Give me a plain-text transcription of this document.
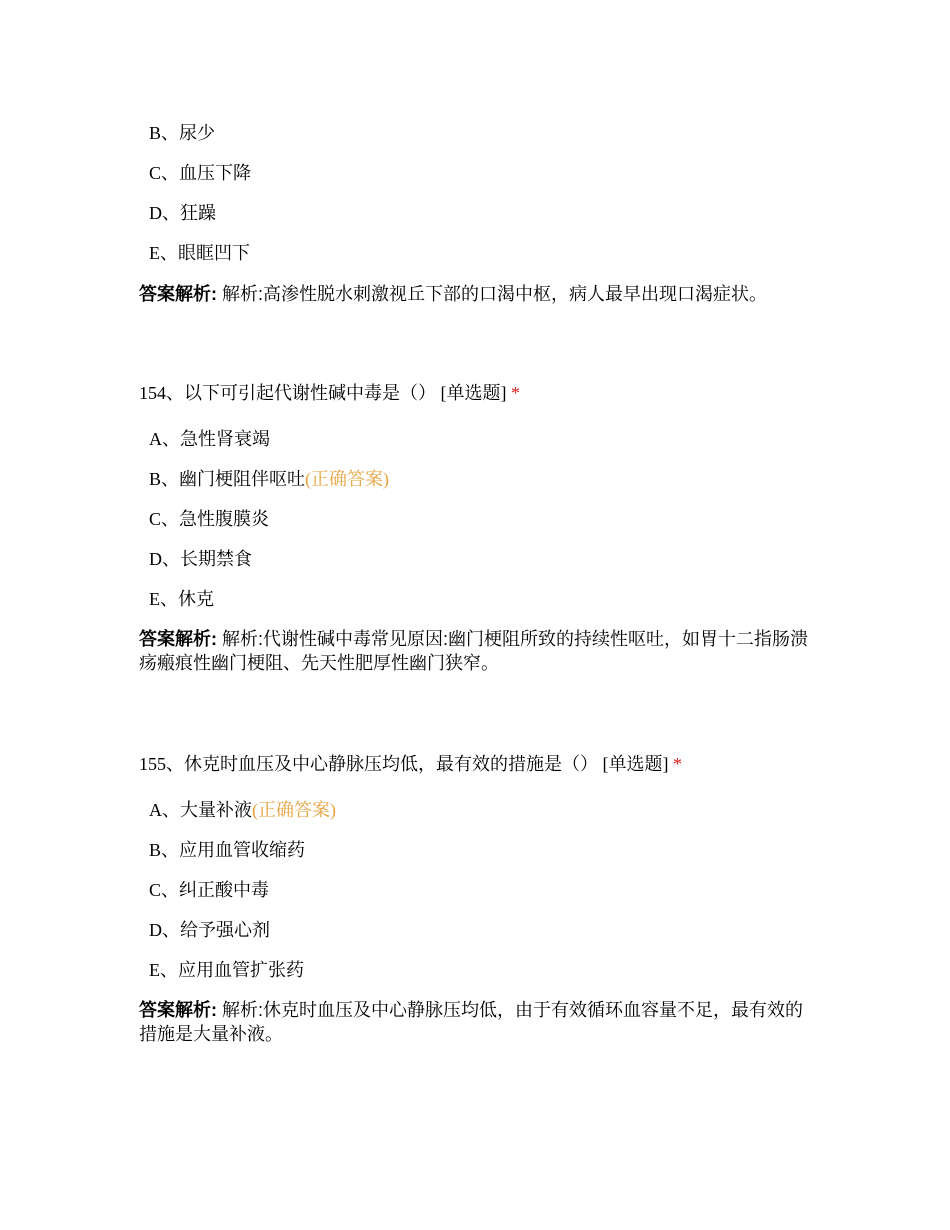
B、尿少
C、血压下降
D、狂躁
E、眼眶凹下
答案解析: 解析:高渗性脱水刺激视丘下部的口渴中枢，病人最早出现口渴症状。
154、以下可引起代谢性碱中毒是（） [单选题] *
A、急性肾衰竭
B、幽门梗阻伴呕吐(正确答案)
C、急性腹膜炎
D、长期禁食
E、休克
答案解析: 解析:代谢性碱中毒常见原因:幽门梗阻所致的持续性呕吐，如胃十二指肠溃疡瘢痕性幽门梗阻、先天性肥厚性幽门狭窄。
155、休克时血压及中心静脉压均低，最有效的措施是（） [单选题] *
A、大量补液(正确答案)
B、应用血管收缩药
C、纠正酸中毒
D、给予强心剂
E、应用血管扩张药
答案解析: 解析:休克时血压及中心静脉压均低，由于有效循环血容量不足，最有效的措施是大量补液。
